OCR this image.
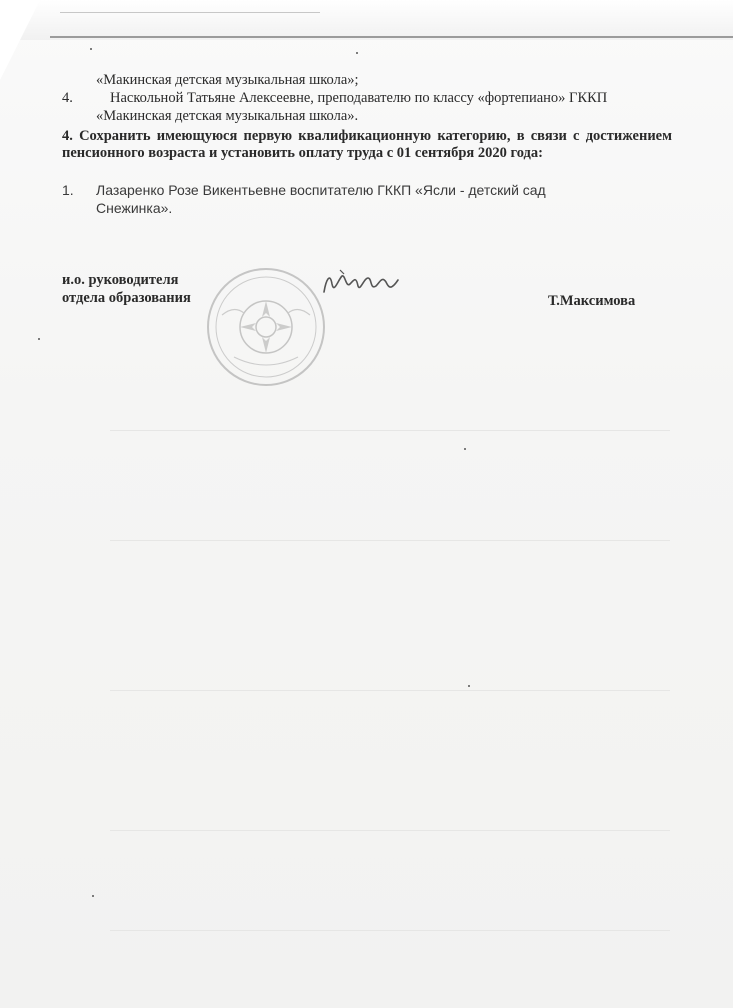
«Макинская детская музыкальная школа»;
4.	Наскольной Татьяне Алексеевне, преподавателю по классу «фортепиано» ГККП
«Макинская детская музыкальная школа».
4. Сохранить имеющуюся первую квалификационную категорию, в связи с достижением пенсионного возраста и установить оплату труда с 01 сентября 2020 года:
1. Лазаренко Розе Викентьевне воспитателю ГККП «Ясли - детский сад
Снежинка».
и.о. руководителя
отдела образования	Т.Максимова
